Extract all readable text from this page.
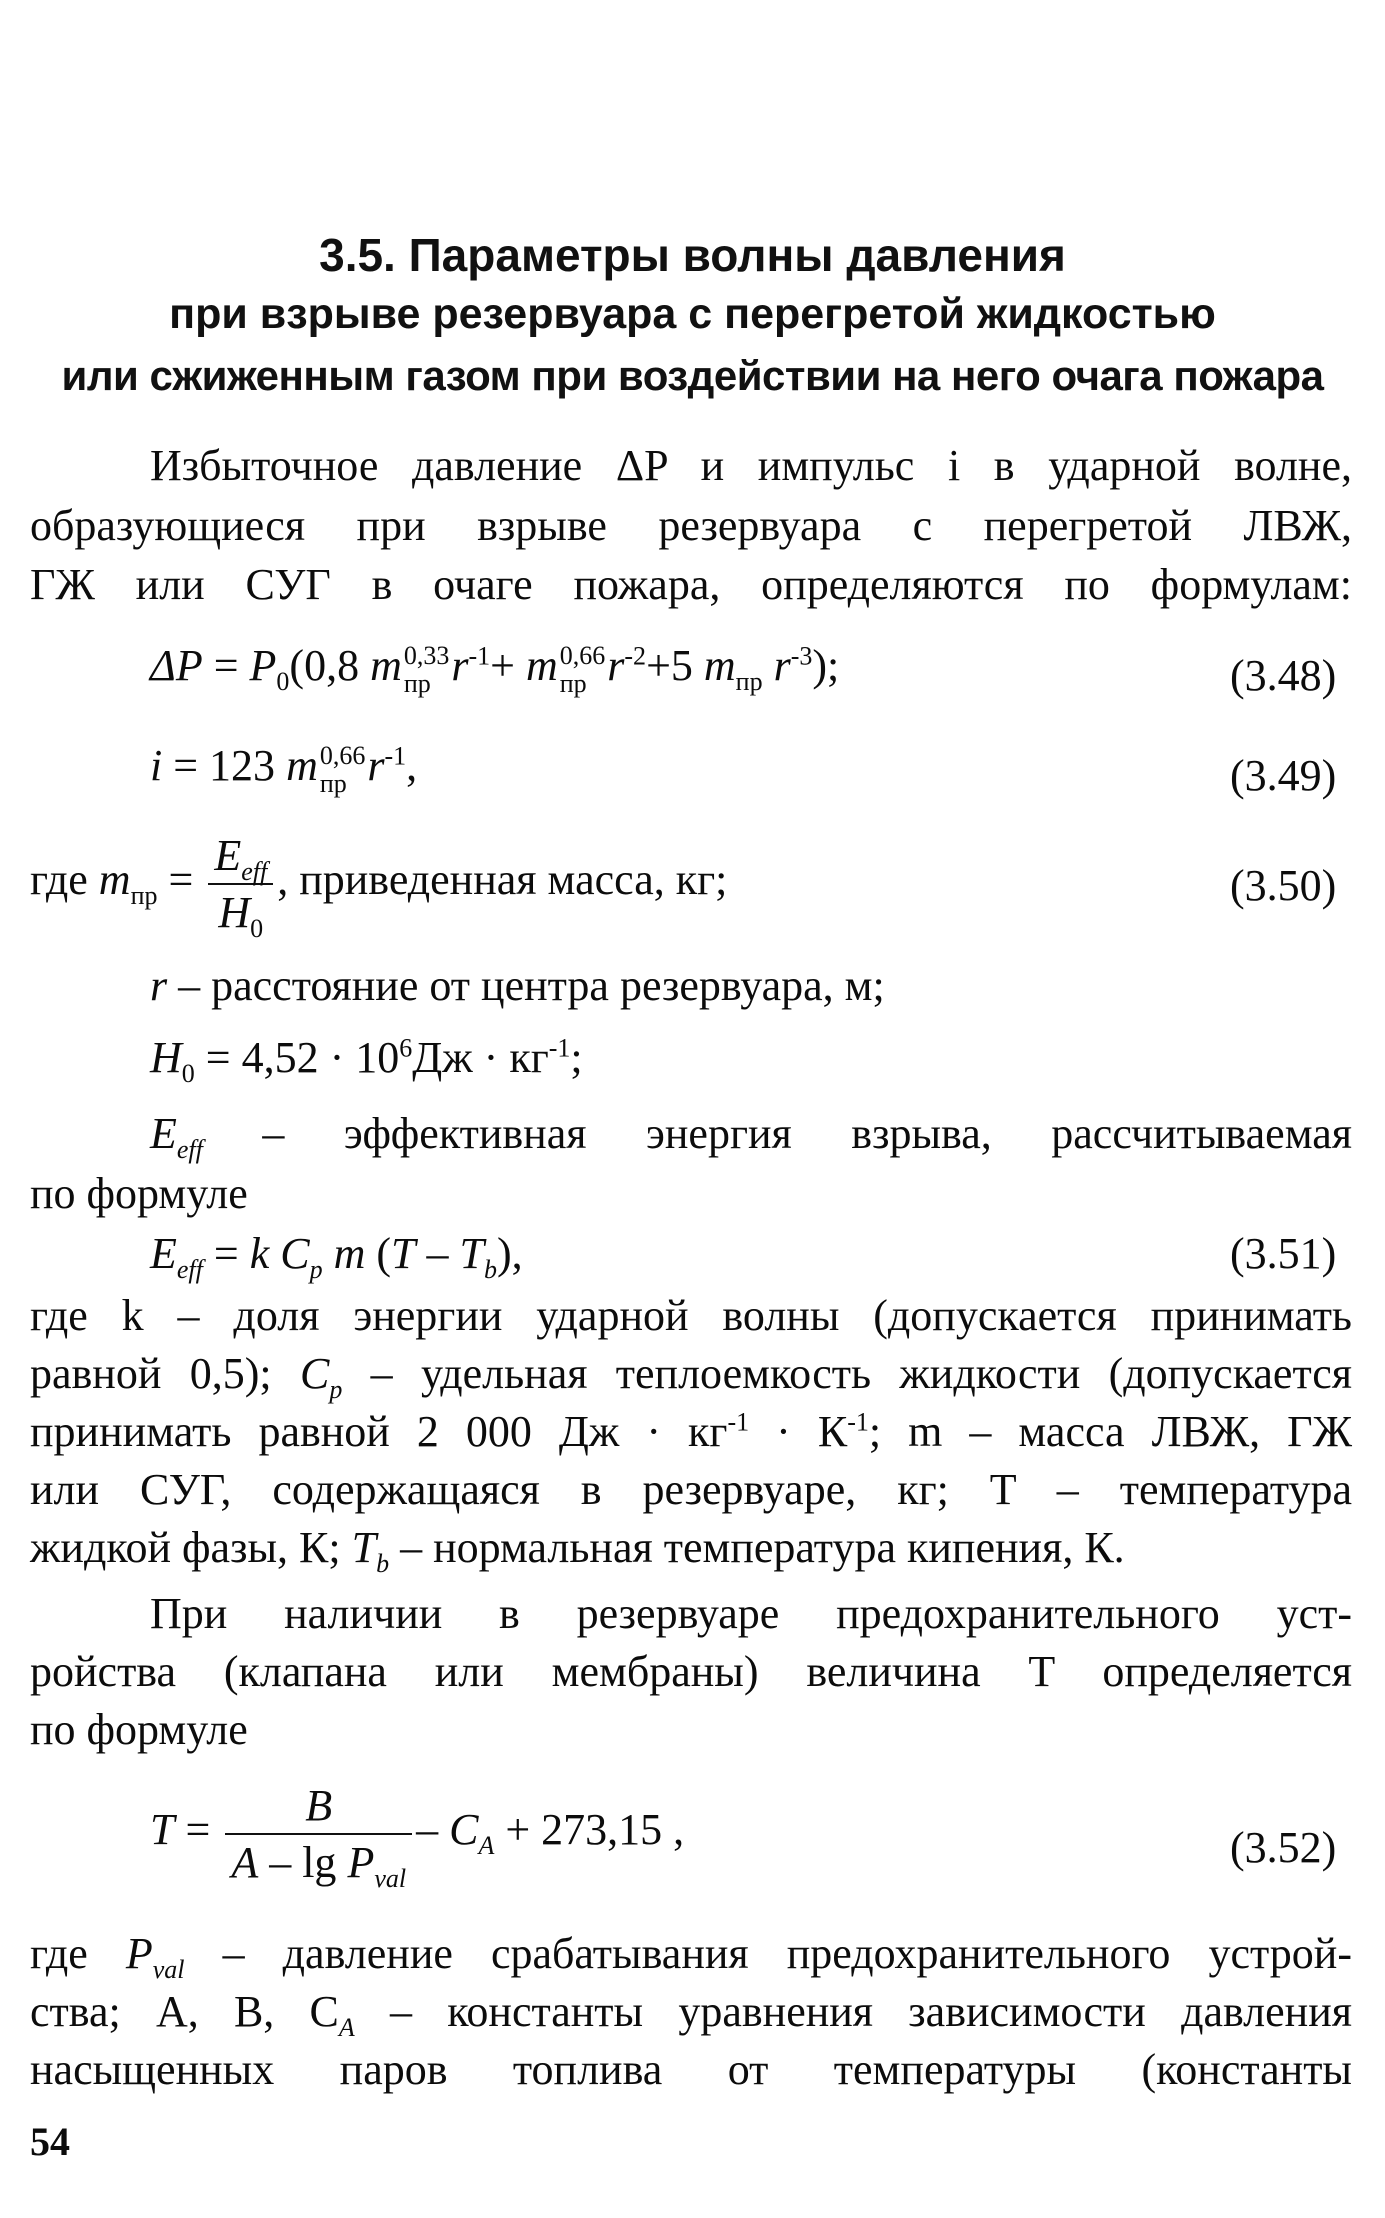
3.5. Параметры волны давления
при взрыве резервуара с перегретой жидкостью
или сжиженным газом при воздействии на него очага пожара
Избыточное давление ΔP и импульс i в ударной волне,
образующиеся при взрыве резервуара с перегретой ЛВЖ,
ГЖ или СУГ в очаге пожара, определяются по формулам:
$\Delta P = P_0(0,8$ m 0,33
пр $r^{-1}+ m$ 0,66
пр $r^{-2}+5$ $m_{пр}$ $r^{-3}$);	(3.48)
i = 123 m 0,66
пр $r^{-1}$,	(3.49)
где $m_{пр} = \frac{E_{eff}}{H_0}$ , приведенная масса, кг;	(3.50)
r – расстояние от центра резервуара, м;
$H_0 = 4,52 \cdot 10^6Дж \cdot кг^{-1}$;
$E_{eff}$ – эффективная энергия взрыва, рассчитываемая
по формуле
$E_{eff} = k$ $C_p$ m $(T - T_b)$,	(3.51)
где k – доля энергии ударной волны (допускается принимать
равной 0,5); $C_p$ – удельная теплоемкость жидкости (допускается
принимать равной 2 000 Дж · $кг^{-1} \cdot К^{-1}$; m – масса ЛВЖ, ГЖ
или СУГ, содержащаяся в резервуаре, кг; T – температура
жидкой фазы, К; $T_b$ – нормальная температура кипения, К.
При наличии в резервуаре предохранительного уст-
ройства (клапана или мембраны) величина T определяется
по формуле
$T = \frac{B}{A - \lg P_{val}} - C_A + 273,15$ ,	(3.52)
где $P_{val}$ – давление срабатывания предохранительного устрой-
ства; A, B, $C_A$ – константы уравнения зависимости давления
насыщенных паров топлива от температуры (константы
54
